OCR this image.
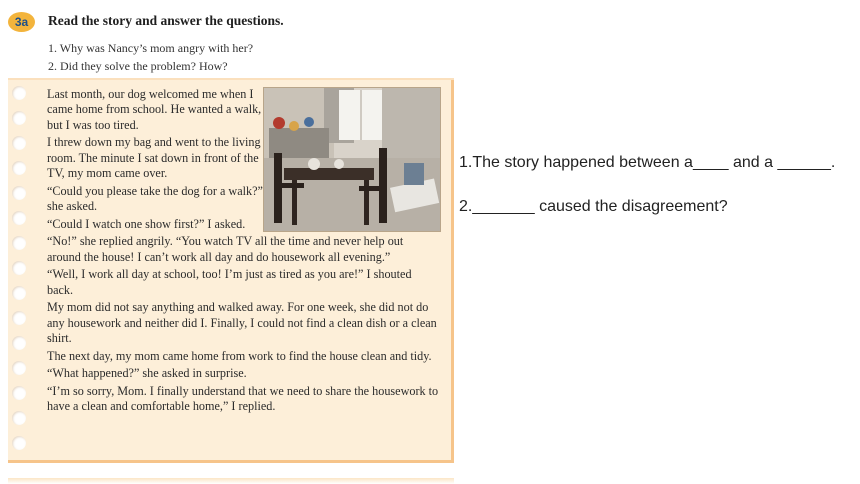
3a	Read the story and answer the questions.
1. Why was Nancy’s mom angry with her?
2. Did they solve the problem? How?

Last month, our dog welcomed me when I came home from school. He wanted a walk, but I was too tired.

I threw down my bag and went to the living room. The minute I sat down in front of the TV, my mom came over.

“Could you please take the dog for a walk?” she asked.

“Could I watch one show first?” I asked.

“No!” she replied angrily. “You watch TV all the time and never help out around the house! I can’t work all day and do housework all evening.”

“Well, I work all day at school, too! I’m just as tired as you are!” I shouted back.

My mom did not say anything and walked away. For one week, she did not do any housework and neither did I. Finally, I could not find a clean dish or a clean shirt.

The next day, my mom came home from work to find the house clean and tidy.

“What happened?” she asked in surprise.

“I’m so sorry, Mom. I finally understand that we need to share the housework to have a clean and comfortable home,” I replied.

1.The story happened between a____ and a ______.
2._______ caused the disagreement?
